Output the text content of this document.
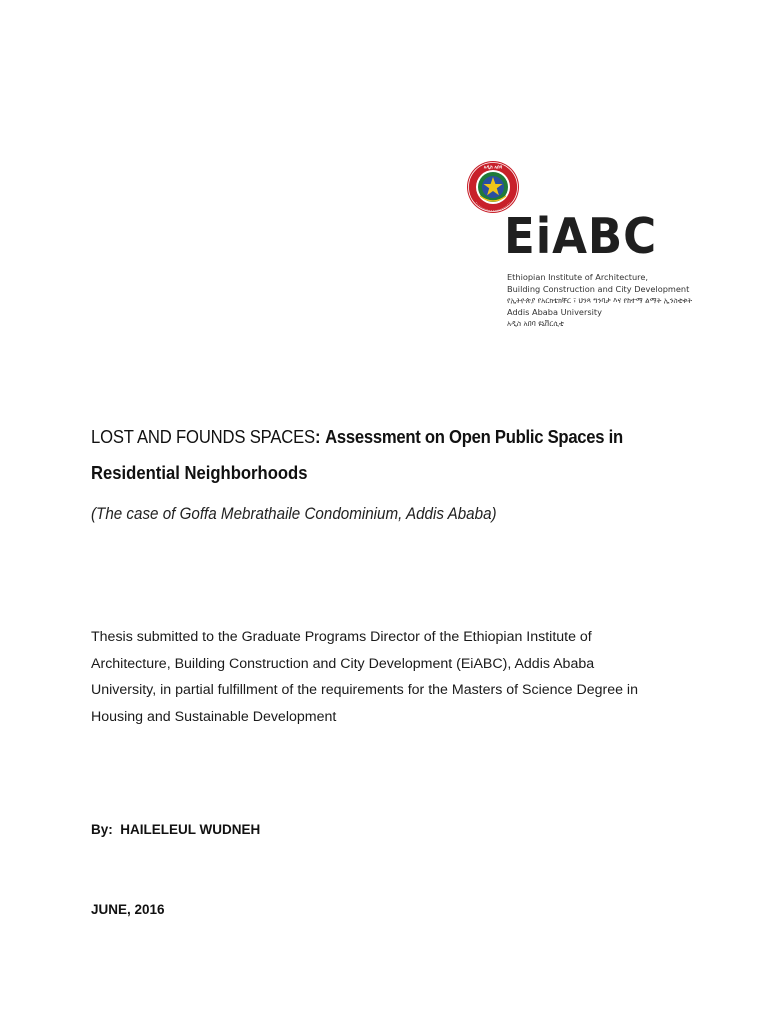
አዲስ አበባ
EiABC
Ethiopian Institute of Architecture,
Building Construction and City Development
የኢትዮጵያ የአርክቴክቸር ፣ ህንጻ ግንባታ እና የከተማ ልማት ኢንስቲቱት
Addis Ababa University
አዲስ አበባ ዩኒቨርሲቲ
LOST AND FOUNDS SPACES: Assessment on Open Public Spaces in
Residential Neighborhoods
(The case of Goffa Mebrathaile Condominium, Addis Ababa)
Thesis submitted to the Graduate Programs Director of the Ethiopian Institute of
Architecture, Building Construction and City Development (EiABC), Addis Ababa
University, in partial fulfillment of the requirements for the Masters of Science Degree in
Housing and Sustainable Development
By: HAILELEUL WUDNEH
JUNE, 2016
